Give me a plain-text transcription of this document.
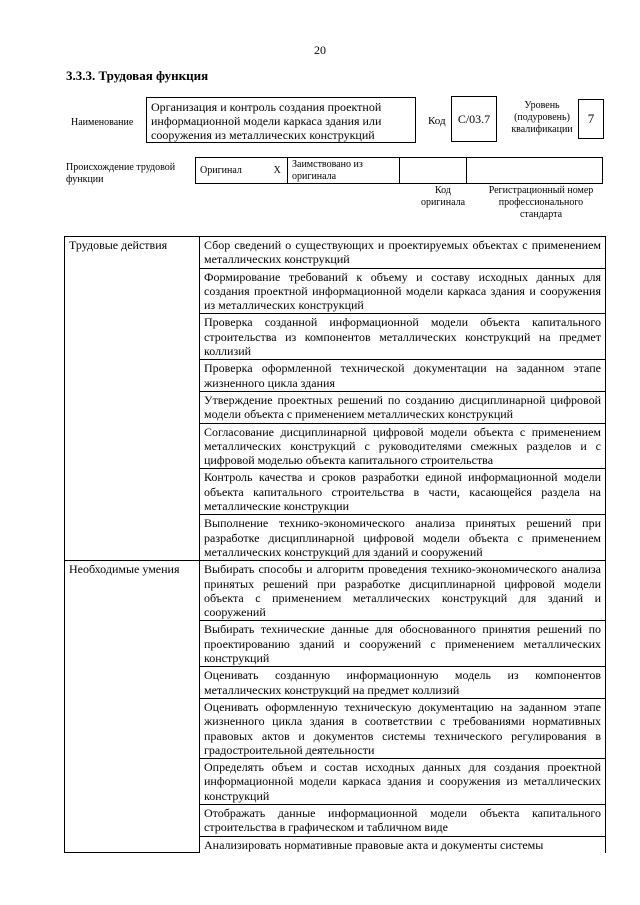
20
3.3.3. Трудовая функция
Наименование
Организация и контроль создания проектной информационной модели каркаса здания или сооружения из металлических конструкций
Код	С/03.7
Уровень (подуровень) квалификации
7
Происхождение трудовой функции
Оригинал	Х	Заимствовано из оригинала		
Код оригинала
Регистрационный номер профессионального стандарта
Трудовые действия	Сбор сведений о существующих и проектируемых объектах с применением металлических конструкций
	Формирование требований к объему и составу исходных данных для создания проектной информационной модели каркаса здания и сооружения из металлических конструкций
	Проверка созданной информационной модели объекта капитального строительства из компонентов металлических конструкций на предмет коллизий
	Проверка оформленной технической документации на заданном этапе жизненного цикла здания
	Утверждение проектных решений по созданию дисциплинарной цифровой модели объекта с применением металлических конструкций
	Согласование дисциплинарной цифровой модели объекта с применением металлических конструкций с руководителями смежных разделов и с цифровой моделью объекта капитального строительства
	Контроль качества и сроков разработки единой информационной модели объекта капитального строительства в части, касающейся раздела на металлические конструкции
	Выполнение технико-экономического анализа принятых решений при разработке дисциплинарной цифровой модели объекта с применением металлических конструкций для зданий и сооружений
Необходимые умения	Выбирать способы и алгоритм проведения технико-экономического анализа принятых решений при разработке дисциплинарной цифровой модели объекта с применением металлических конструкций для зданий и сооружений
	Выбирать технические данные для обоснованного принятия решений по проектированию зданий и сооружений с применением металлических конструкций
	Оценивать созданную информационную модель из компонентов металлических конструкций на предмет коллизий
	Оценивать оформленную техническую документацию на заданном этапе жизненного цикла здания в соответствии с требованиями нормативных правовых актов и документов системы технического регулирования в градостроительной деятельности
	Определять объем и состав исходных данных для создания проектной информационной модели каркаса здания и сооружения из металлических конструкций
	Отображать данные информационной модели объекта капитального строительства в графическом и табличном виде
	Анализировать нормативные правовые акта и документы системы
